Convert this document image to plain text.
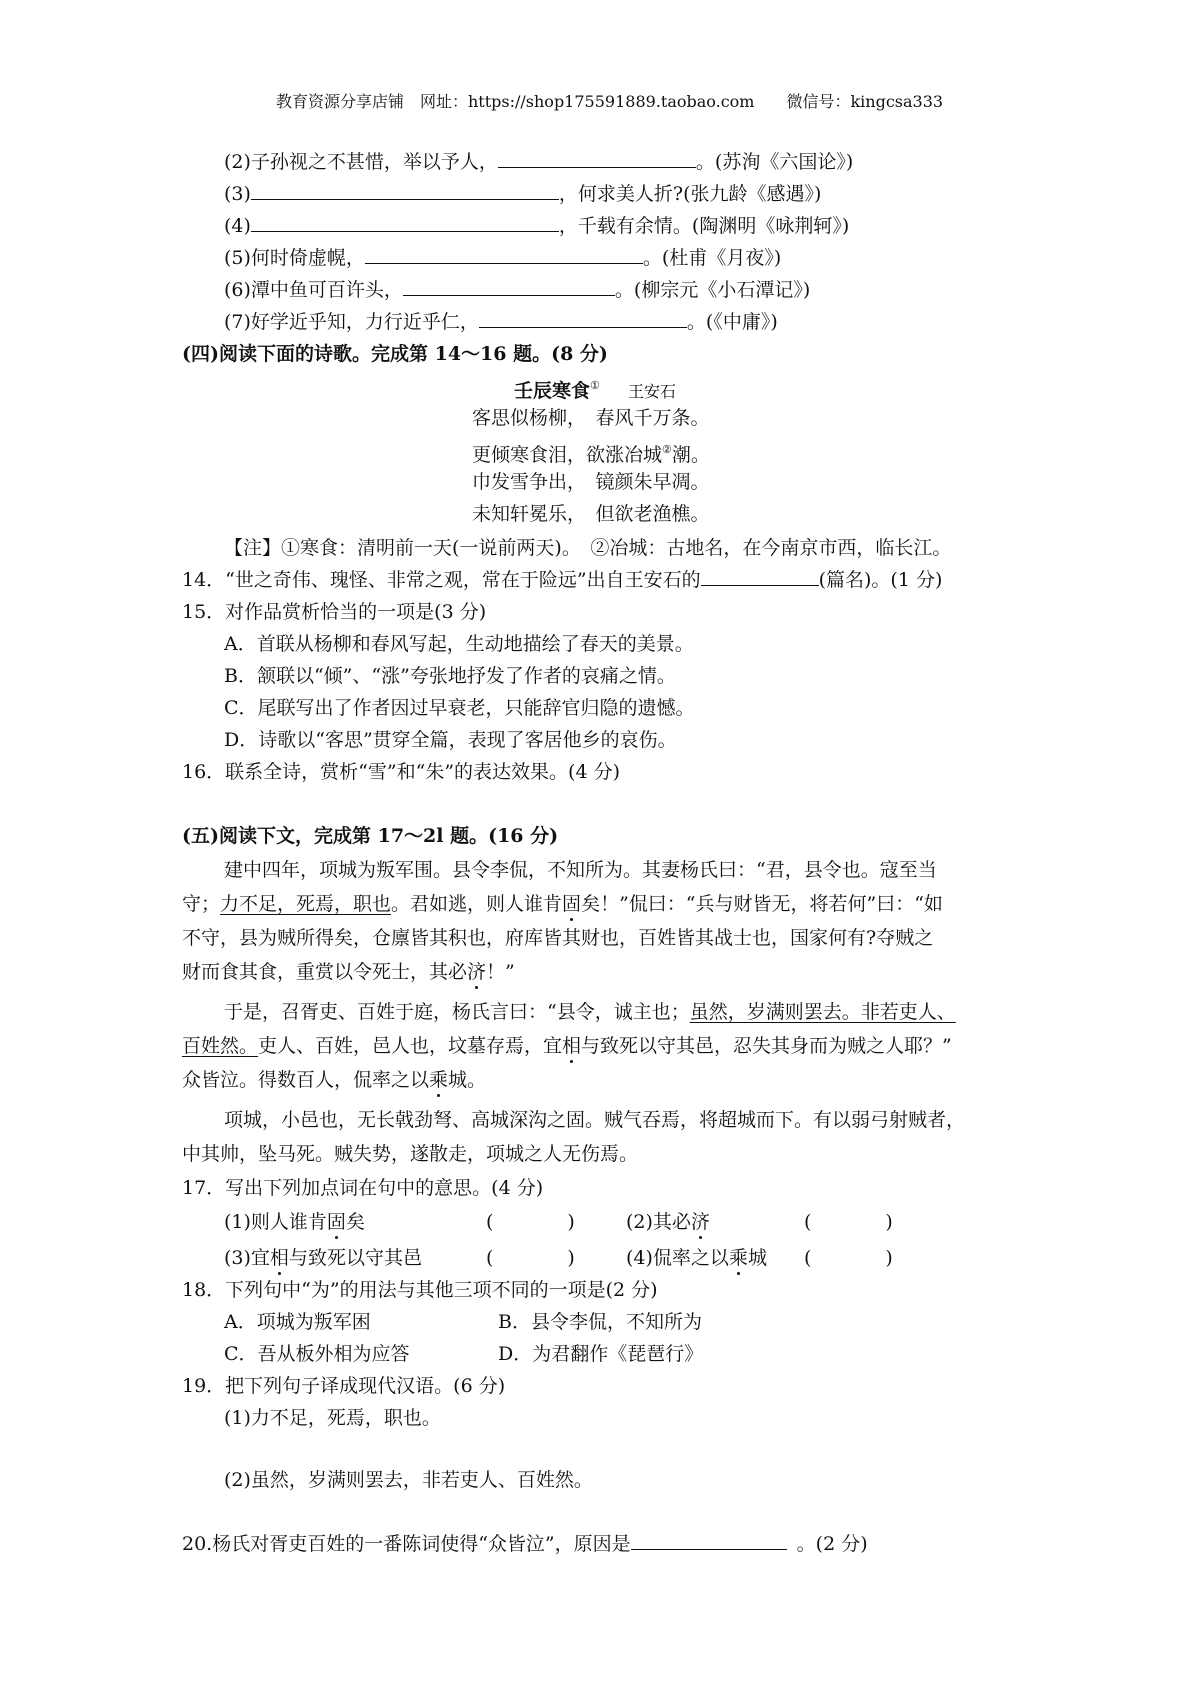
教育资源分享店铺　网址：https://shop175591889.taobao.com　　微信号：kingcsa333
(2)子孙视之不甚惜，举以予人，	。(苏洵《六国论》)
(3)	，何求美人折?(张九龄《感遇》)
(4)	，千载有余情。(陶渊明《咏荆轲》)
(5)何时倚虚幌，	。(杜甫《月夜》)
(6)潭中鱼可百许头，	。(柳宗元《小石潭记》)
(7)好学近乎知，力行近乎仁，	。(《中庸》)
(四)阅读下面的诗歌。完成第 14～16 题。(8 分)
壬辰寒食① 王安石
客思似杨柳，　春风千万条。
更倾寒食泪，欲涨冶城②潮。
巾发雪争出，　镜颜朱早凋。
未知轩冕乐，　但欲老渔樵。
【注】①寒食：清明前一天(一说前两天)。　②冶城：古地名，在今南京市西，临长江。
14．“世之奇伟、瑰怪、非常之观，常在于险远”出自王安石的	(篇名)。(1 分)
15．对作品赏析恰当的一项是(3 分)
A．首联从杨柳和春风写起，生动地描绘了春天的美景。
B．颔联以“倾”、“涨”夸张地抒发了作者的哀痛之情。
C．尾联写出了作者因过早衰老，只能辞官归隐的遗憾。
D．诗歌以“客思”贯穿全篇，表现了客居他乡的哀伤。
16．联系全诗，赏析“雪”和“朱”的表达效果。(4 分)
(五)阅读下文，完成第 17～2l 题。(16 分)
建中四年，项城为叛军围。县令李侃，不知所为。其妻杨氏曰：“君，县令也。寇至当
守；力不足，死焉，职也。君如逃，则人谁肯固矣！”侃曰：“兵与财皆无，将若何”曰：“如
不守，县为贼所得矣，仓廪皆其积也，府库皆其财也，百姓皆其战士也，国家何有?夺贼之
财而食其食，重赏以令死士，其必济！”
于是，召胥吏、百姓于庭，杨氏言曰：“县令，诚主也；虽然，岁满则罢去。非若吏人、
百姓然。吏人、百姓，邑人也，坟墓存焉，宜相与致死以守其邑，忍失其身而为贼之人耶？”
众皆泣。得数百人，侃率之以乘城。
项城，小邑也，无长戟劲弩、高城深沟之固。贼气吞焉，将超城而下。有以弱弓射贼者，
中其帅，坠马死。贼失势，遂散走，项城之人无伤焉。
17．写出下列加点词在句中的意思。(4 分)
(1)则人谁肯固矣	(	)	(2)其必济	(	)
(3)宜相与致死以守其邑	(	)	(4)侃率之以乘城 (	)
18．下列句中“为”的用法与其他三项不同的一项是(2 分)
A．项城为叛军困	B．县令李侃，不知所为
C．吾从板外相为应答	D．为君翻作《琵琶行》
19．把下列句子译成现代汉语。(6 分)
(1)力不足，死焉，职也。
(2)虽然，岁满则罢去，非若吏人、百姓然。
20.杨氏对胥吏百姓的一番陈词使得“众皆泣”，原因是	。(2 分)
